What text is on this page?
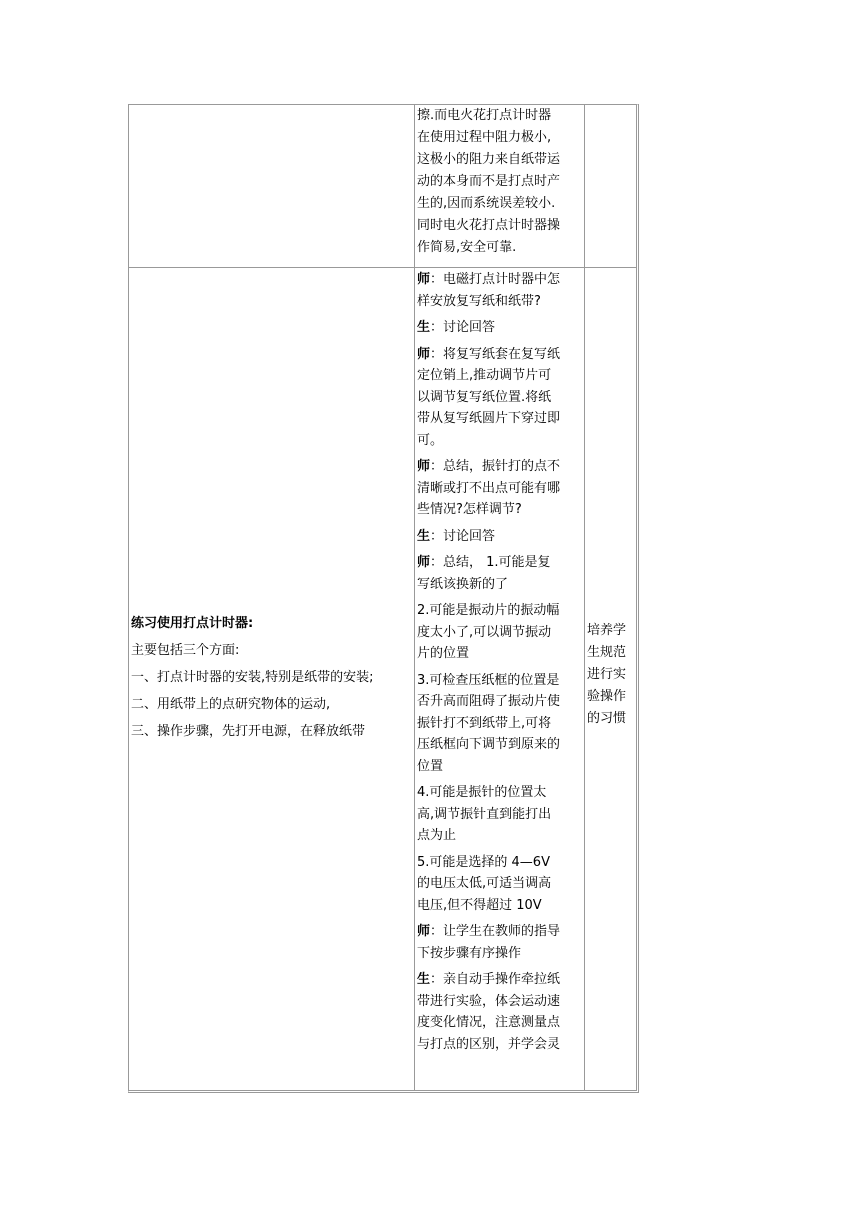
擦.而电火花打点计时器

在使用过程中阻力极小,

这极小的阻力来自纸带运

动的本身而不是打点时产

生的,因而系统误差较小.

同时电火花打点计时器操

作简易,安全可靠.

练习使用打点计时器:

主要包括三个方面:

一、打点计时器的安装,特别是纸带的安装;

二、用纸带上的点研究物体的运动,

三、操作步骤，先打开电源，在释放纸带

师：电磁打点计时器中怎

样安放复写纸和纸带?

生：讨论回答

师：将复写纸套在复写纸

定位销上,推动调节片可

以调节复写纸位置.将纸

带从复写纸圆片下穿过即

可。

师：总结，振针打的点不

清晰或打不出点可能有哪

些情况?怎样调节?

生：讨论回答

师：总结， 1.可能是复

写纸该换新的了

2.可能是振动片的振动幅

度太小了,可以调节振动

片的位置

3.可检查压纸框的位置是

否升高而阻碍了振动片使

振针打不到纸带上,可将

压纸框向下调节到原来的

位置

4.可能是振针的位置太

高,调节振针直到能打出

点为止

5.可能是选择的 4—6V

的电压太低,可适当调高

电压,但不得超过 10V

师：让学生在教师的指导

下按步骤有序操作

生：亲自动手操作牵拉纸

带进行实验，体会运动速

度变化情况，注意测量点

与打点的区别，并学会灵

培养学

生规范

进行实

验操作

的习惯
